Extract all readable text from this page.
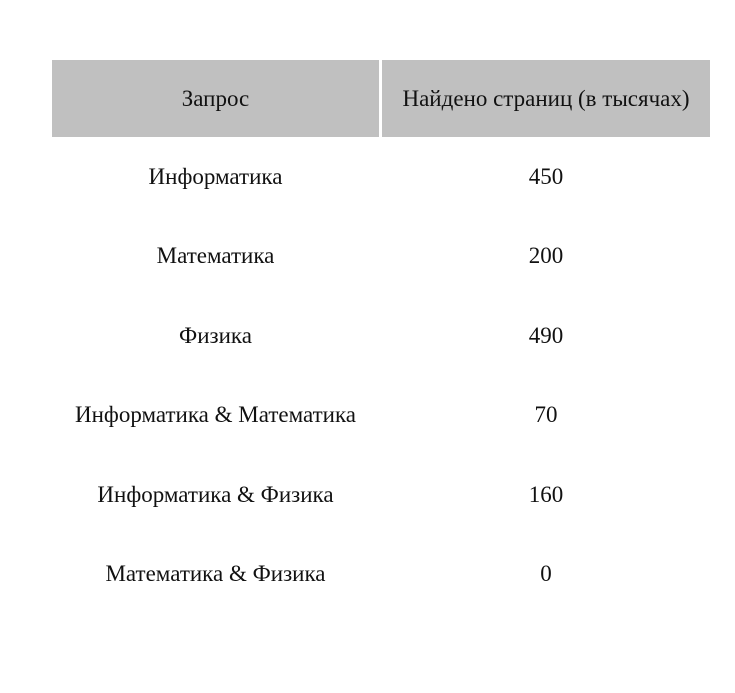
Запрос	Найдено страниц (в тысячах)
Информатика	450
Математика	200
Физика	490
Информатика & Математика	70
Информатика & Физика	160
Математика & Физика	0
